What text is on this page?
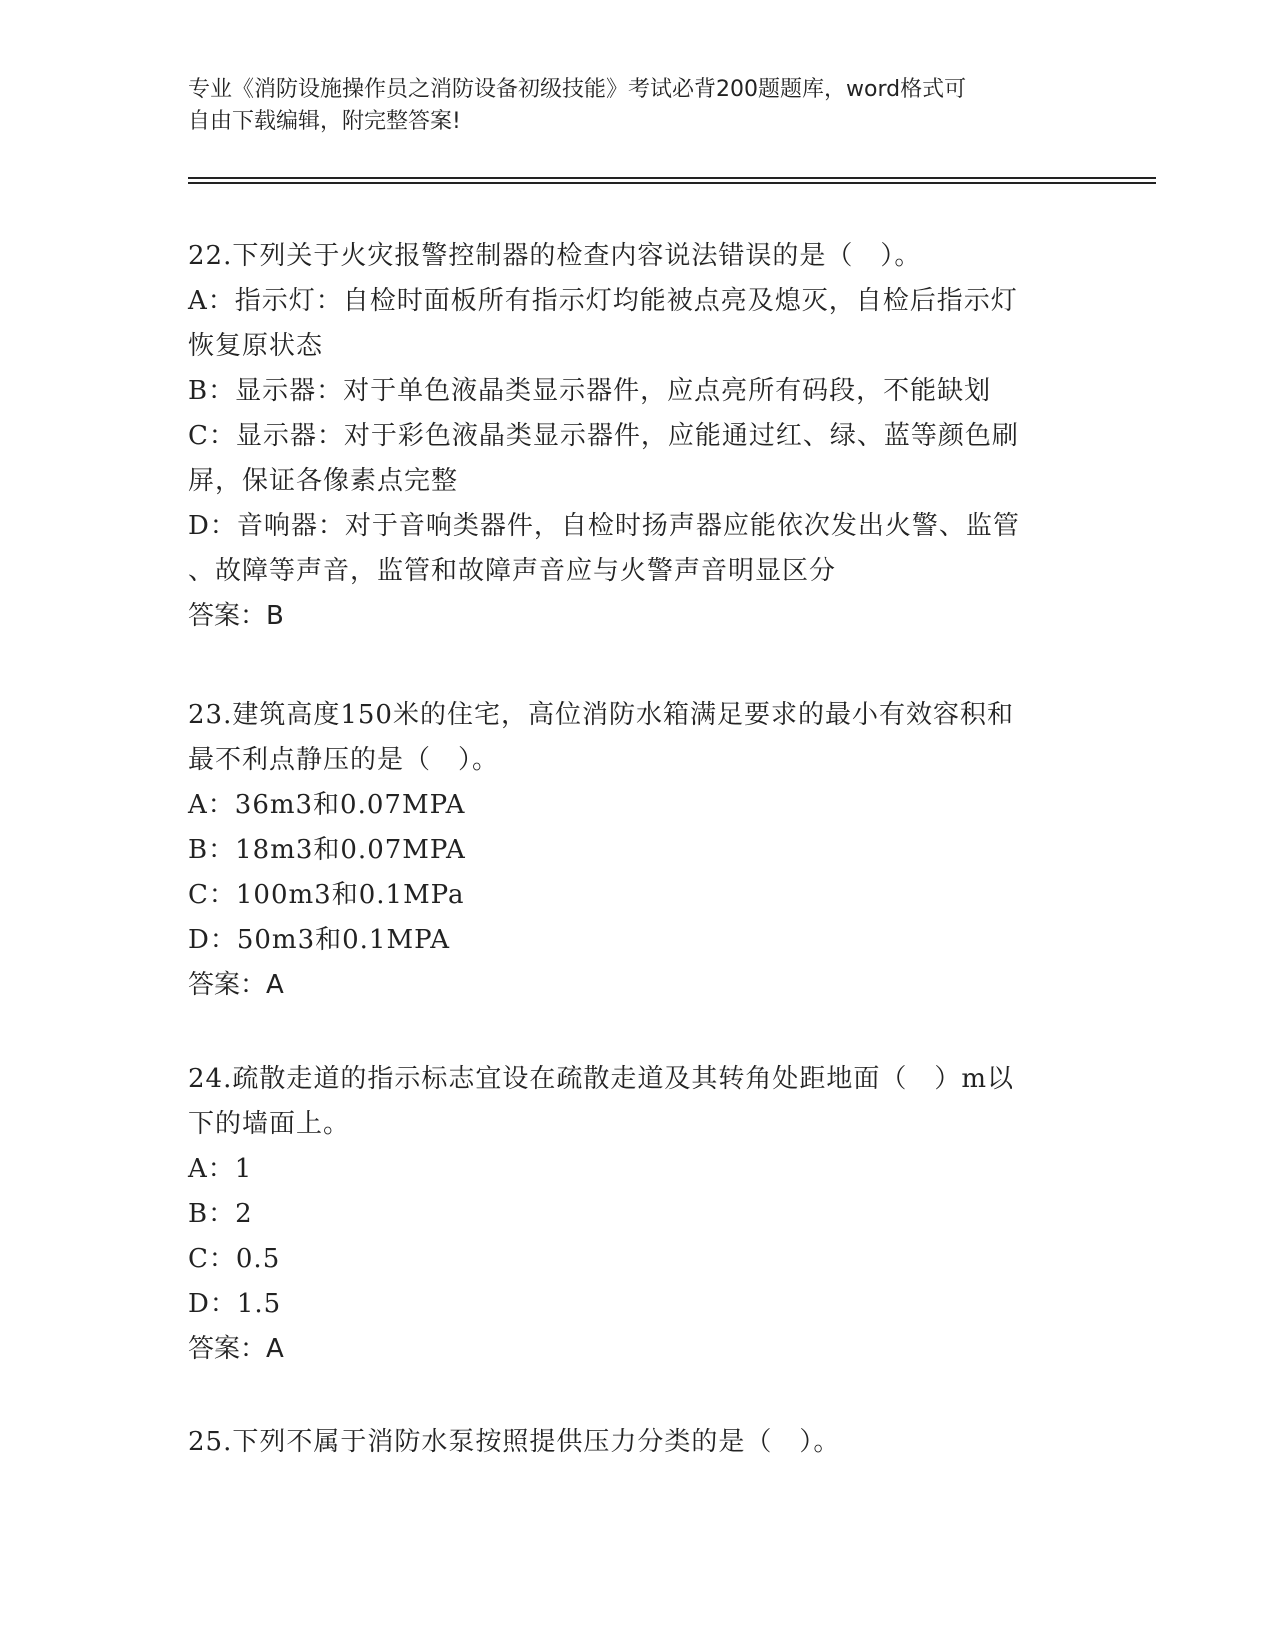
专业《消防设施操作员之消防设备初级技能》考试必背200题题库，word格式可
自由下载编辑，附完整答案!
22.下列关于火灾报警控制器的检查内容说法错误的是（　）。
A：指示灯：自检时面板所有指示灯均能被点亮及熄灭，自检后指示灯
恢复原状态
B：显示器：对于单色液晶类显示器件，应点亮所有码段，不能缺划
C：显示器：对于彩色液晶类显示器件，应能通过红、绿、蓝等颜色刷
屏，保证各像素点完整
D：音响器：对于音响类器件，自检时扬声器应能依次发出火警、监管
、故障等声音，监管和故障声音应与火警声音明显区分
答案：B
23.建筑高度150米的住宅，高位消防水箱满足要求的最小有效容积和
最不利点静压的是（　）。
A：36m3和0.07MPA
B：18m3和0.07MPA
C：100m3和0.1MPa
D：50m3和0.1MPA
答案：A
24.疏散走道的指示标志宜设在疏散走道及其转角处距地面（　）m以
下的墙面上。
A：1
B：2
C：0.5
D：1.5
答案：A
25.下列不属于消防水泵按照提供压力分类的是（　）。
